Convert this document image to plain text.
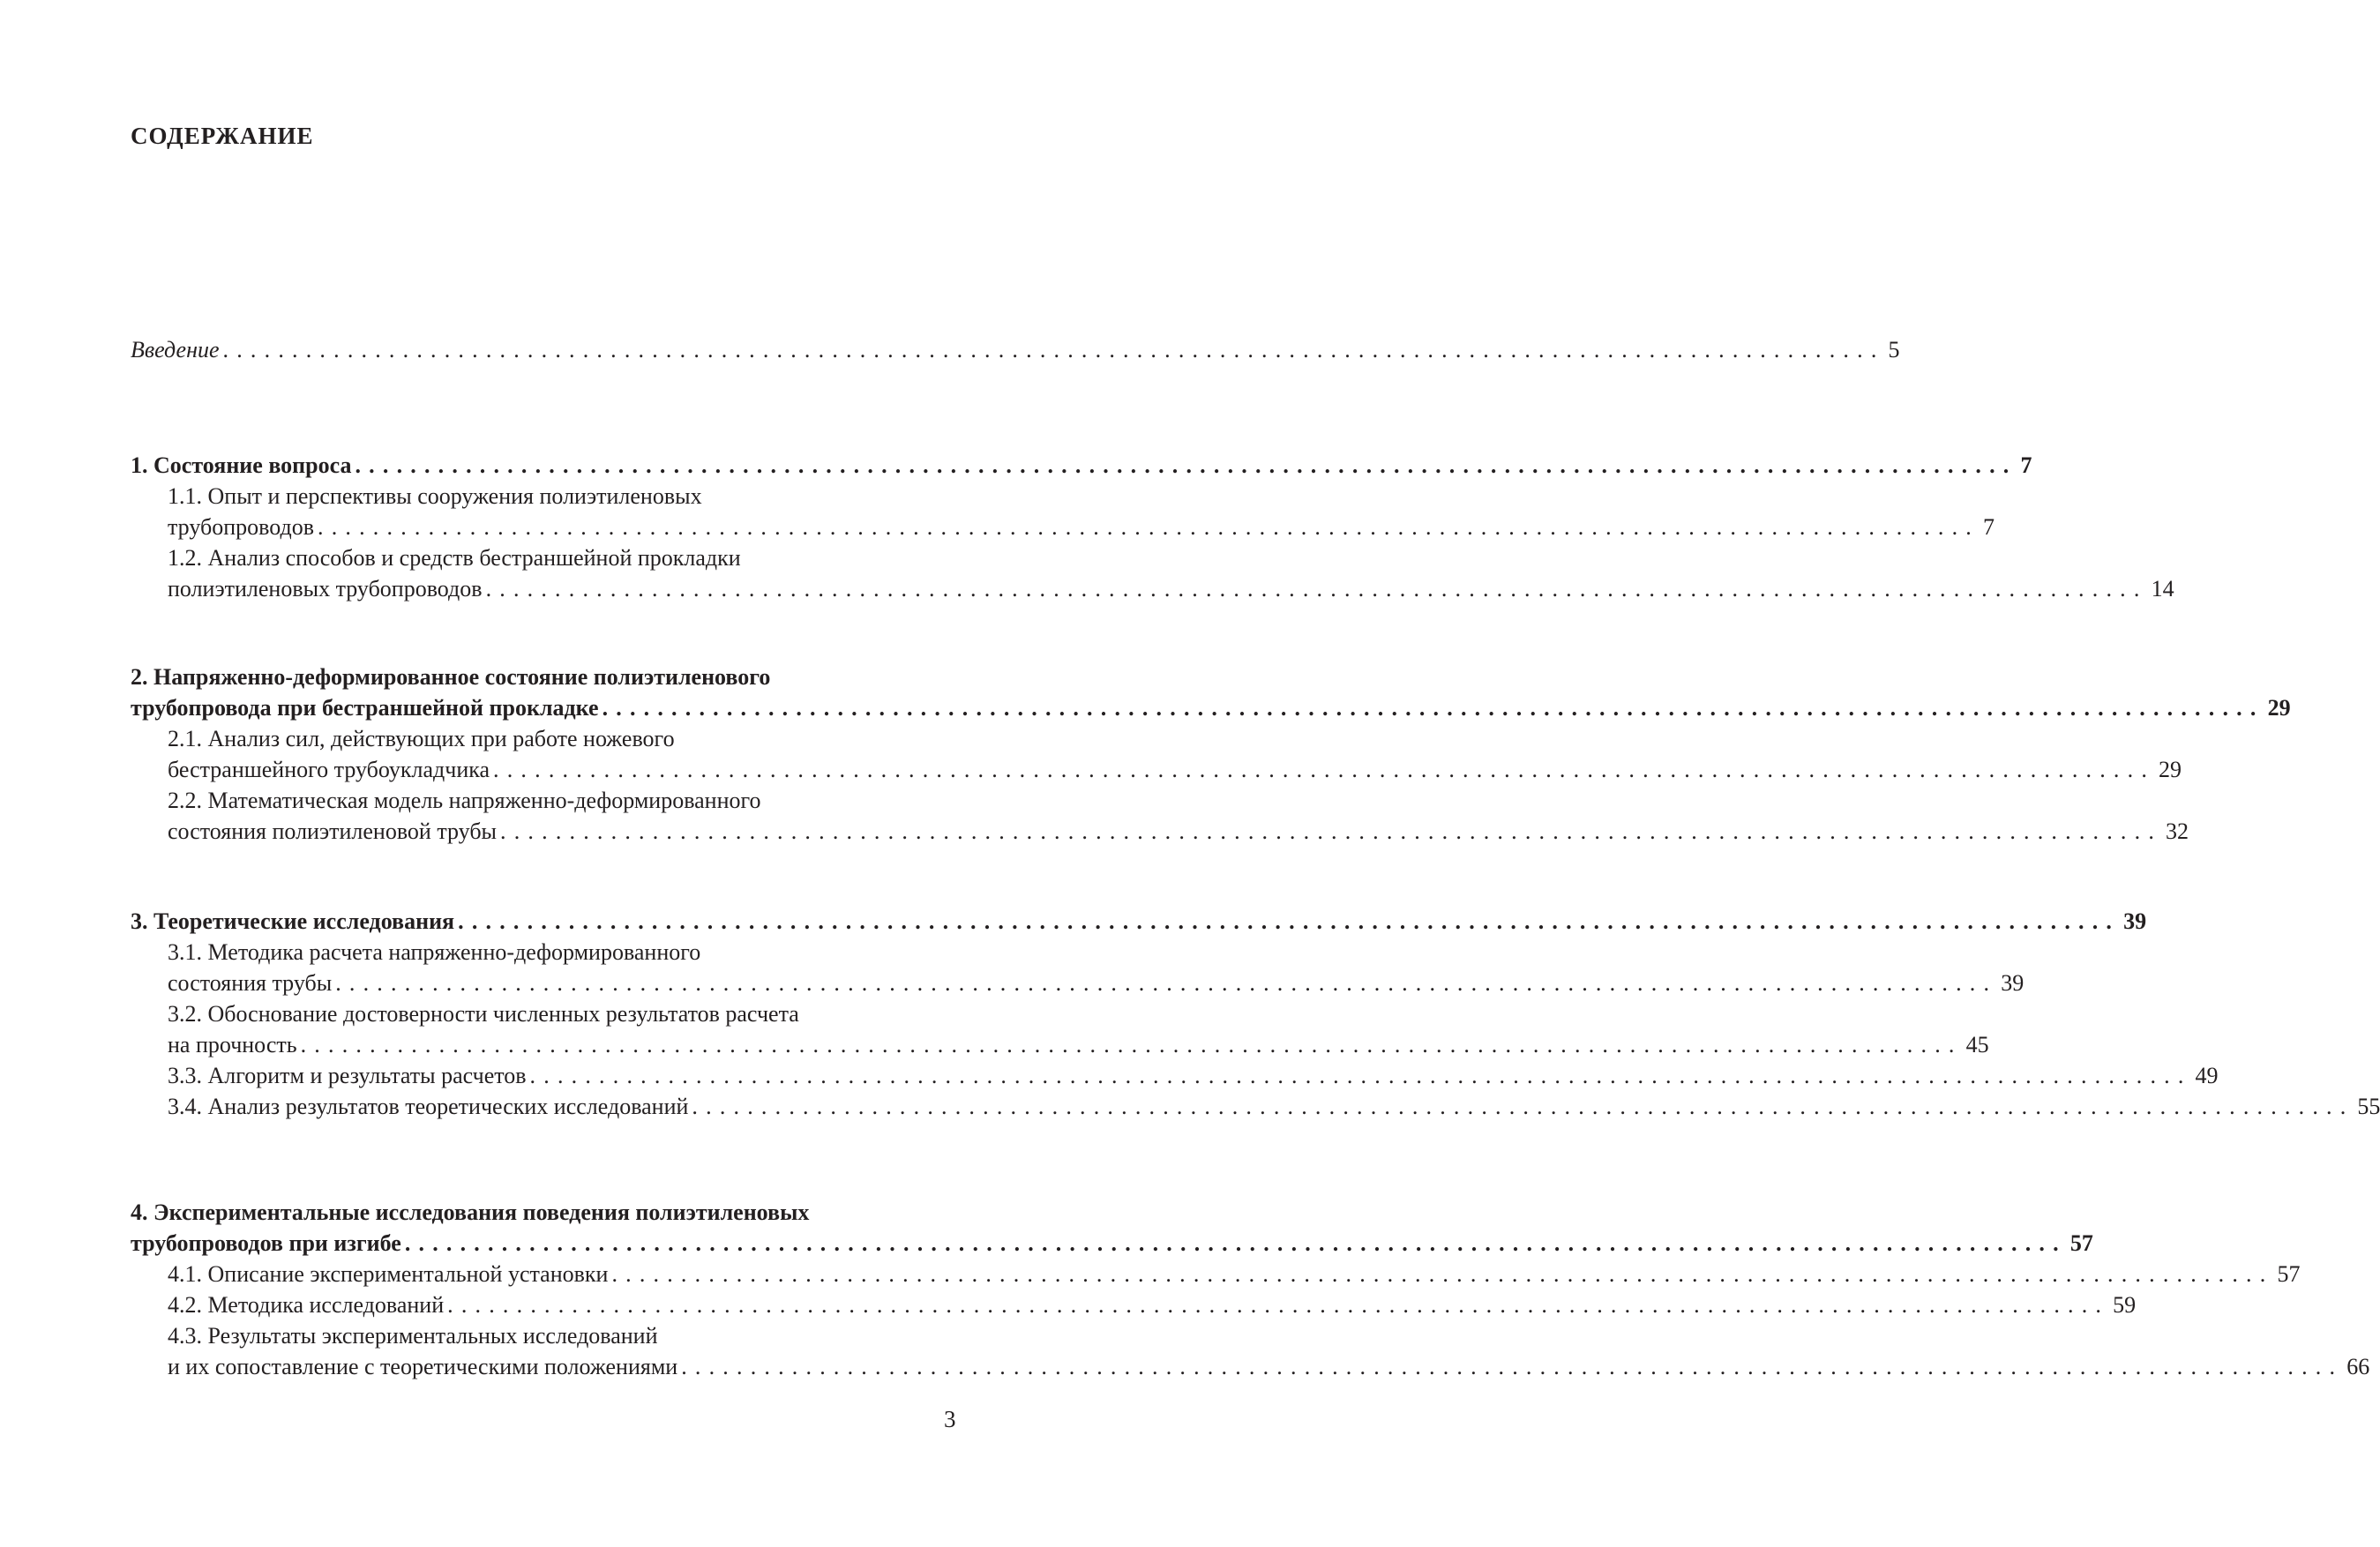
СОДЕРЖАНИЕ
Введение ........................................................................................................................ 5
1. Состояние вопроса ........................................................................................................................ 7
1.1. Опыт и перспективы сооружения полиэтиленовых
трубопроводов ........................................................................................................................ 7
1.2. Анализ способов и средств бестраншейной прокладки
полиэтиленовых трубопроводов ........................................................................................................................ 14
2. Напряженно-деформированное состояние полиэтиленового
трубопровода при бестраншейной прокладке ........................................................................................................................ 29
2.1. Анализ сил, действующих при работе ножевого
бестраншейного трубоукладчика ........................................................................................................................ 29
2.2. Математическая модель напряженно-деформированного
состояния полиэтиленовой трубы ........................................................................................................................ 32
3. Теоретические исследования ........................................................................................................................ 39
3.1. Методика расчета напряженно-деформированного
состояния трубы ........................................................................................................................ 39
3.2. Обоснование достоверности численных результатов расчета
на прочность ........................................................................................................................ 45
3.3. Алгоритм и результаты расчетов ........................................................................................................................ 49
3.4. Анализ результатов теоретических исследований ........................................................................................................................ 55
4. Экспериментальные исследования поведения полиэтиленовых
трубопроводов при изгибе ........................................................................................................................ 57
4.1. Описание экспериментальной установки ........................................................................................................................ 57
4.2. Методика исследований ........................................................................................................................ 59
4.3. Результаты экспериментальных исследований
и их сопоставление с теоретическими положениями ........................................................................................................................ 66
3
